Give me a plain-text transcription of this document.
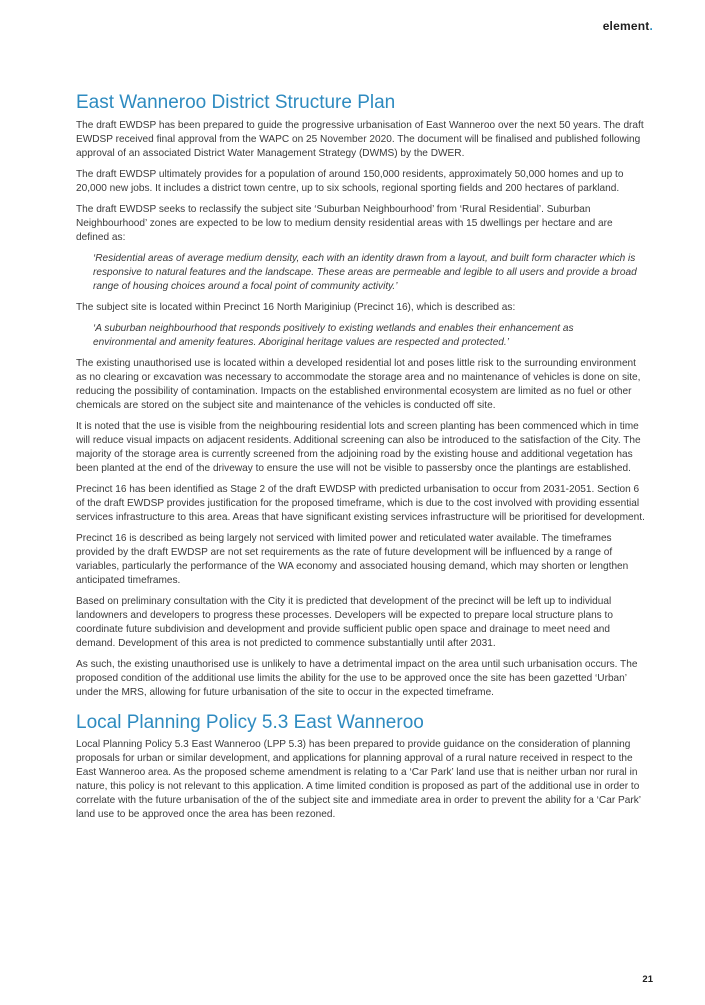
element.
East Wanneroo District Structure Plan

The draft EWDSP has been prepared to guide the progressive urbanisation of East Wanneroo over the next 50 years. The draft EWDSP received final approval from the WAPC on 25 November 2020. The document will be finalised and published following approval of an associated District Water Management Strategy (DWMS) by the DWER.

The draft EWDSP ultimately provides for a population of around 150,000 residents, approximately 50,000 homes and up to 20,000 new jobs. It includes a district town centre, up to six schools, regional sporting fields and 200 hectares of parkland.

The draft EWDSP seeks to reclassify the subject site ‘Suburban Neighbourhood’ from ‘Rural Residential’. Suburban Neighbourhood’ zones are expected to be low to medium density residential areas with 15 dwellings per hectare and are defined as:

‘Residential areas of average medium density, each with an identity drawn from a layout, and built form character which is responsive to natural features and the landscape. These areas are permeable and legible to all users and provide a broad range of housing choices around a focal point of community activity.’

The subject site is located within Precinct 16 North Mariginiup (Precinct 16), which is described as:

‘A suburban neighbourhood that responds positively to existing wetlands and enables their enhancement as environmental and amenity features. Aboriginal heritage values are respected and protected.’

The existing unauthorised use is located within a developed residential lot and poses little risk to the surrounding environment as no clearing or excavation was necessary to accommodate the storage area and no maintenance of vehicles is done on site, reducing the possibility of contamination. Impacts on the established environmental ecosystem are limited as no fuel or other chemicals are stored on the subject site and maintenance of the vehicles is conducted off site.

It is noted that the use is visible from the neighbouring residential lots and screen planting has been commenced which in time will reduce visual impacts on adjacent residents. Additional screening can also be introduced to the satisfaction of the City. The majority of the storage area is currently screened from the adjoining road by the existing house and additional vegetation has been planted at the end of the driveway to ensure the use will not be visible to passersby once the plantings are established.

Precinct 16 has been identified as Stage 2 of the draft EWDSP with predicted urbanisation to occur from 2031-2051. Section 6 of the draft EWDSP provides justification for the proposed timeframe, which is due to the cost involved with providing essential services infrastructure to this area. Areas that have significant existing services infrastructure will be prioritised for development.

Precinct 16 is described as being largely not serviced with limited power and reticulated water available. The timeframes provided by the draft EWDSP are not set requirements as the rate of future development will be influenced by a range of variables, particularly the performance of the WA economy and associated housing demand, which may shorten or lengthen anticipated timeframes.

Based on preliminary consultation with the City it is predicted that development of the precinct will be left up to individual landowners and developers to progress these processes. Developers will be expected to prepare local structure plans to coordinate future subdivision and development and provide sufficient public open space and drainage to meet need and demand. Development of this area is not predicted to commence substantially until after 2031.

As such, the existing unauthorised use is unlikely to have a detrimental impact on the area until such urbanisation occurs. The proposed condition of the additional use limits the ability for the use to be approved once the site has been gazetted ‘Urban’ under the MRS, allowing for future urbanisation of the site to occur in the expected timeframe.

Local Planning Policy 5.3 East Wanneroo

Local Planning Policy 5.3 East Wanneroo (LPP 5.3) has been prepared to provide guidance on the consideration of planning proposals for urban or similar development, and applications for planning approval of a rural nature received in respect to the East Wanneroo area. As the proposed scheme amendment is relating to a ‘Car Park’ land use that is neither urban nor rural in nature, this policy is not relevant to this application. A time limited condition is proposed as part of the additional use in order to correlate with the future urbanisation of the of the subject site and immediate area in order to prevent the ability for a ‘Car Park’ land use to be approved once the area has been rezoned.

21
